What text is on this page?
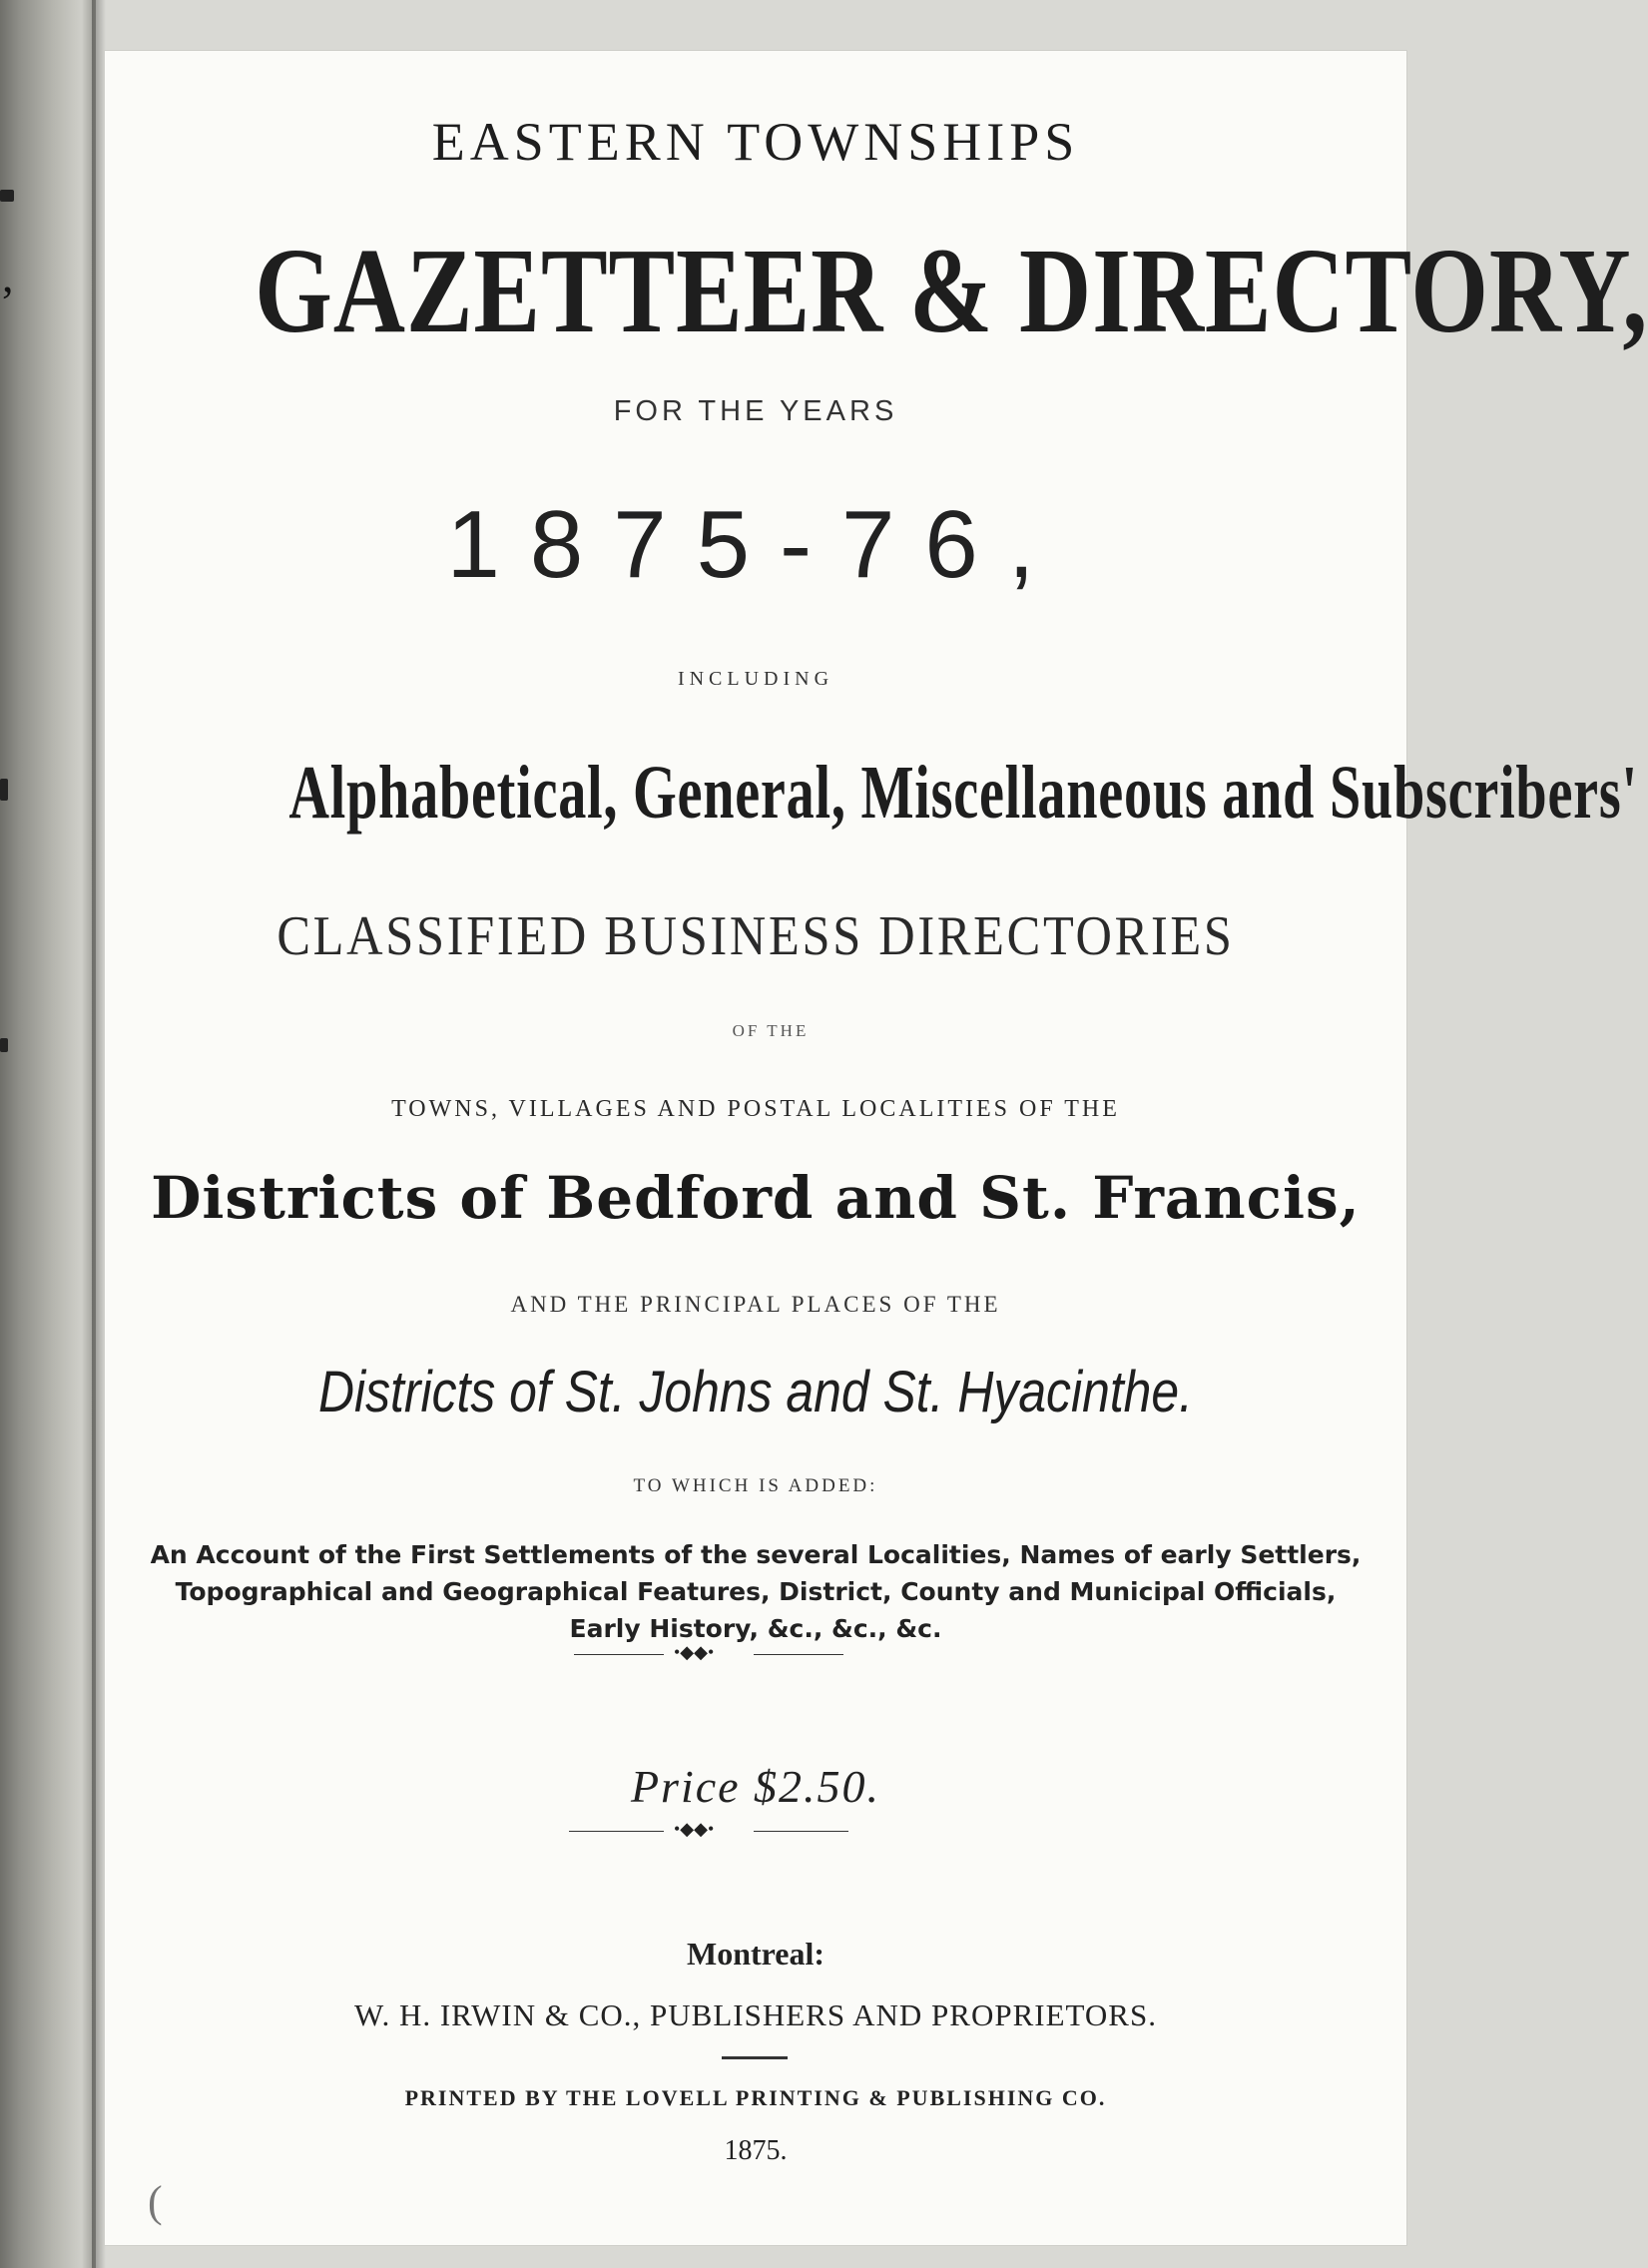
,
EASTERN TOWNSHIPS
GAZETTEER & DIRECTORY,
FOR THE YEARS
1875-76,
INCLUDING
Alphabetical, General, Miscellaneous and Subscribers'
CLASSIFIED BUSINESS DIRECTORIES
OF THE
TOWNS, VILLAGES AND POSTAL LOCALITIES OF THE
Districts of Bedford and St. Francis,
AND THE PRINCIPAL PLACES OF THE
Districts of St. Johns and St. Hyacinthe.
TO WHICH IS ADDED:
An Account of the First Settlements of the several Localities, Names of early Settlers, Topographical and Geographical Features, District, County and Municipal Officials, Early History, &c., &c., &c.
•◆◆•
Price $2.50.
•◆◆•
Montreal:
W. H. IRWIN & CO., PUBLISHERS AND PROPRIETORS.
PRINTED BY THE LOVELL PRINTING & PUBLISHING CO.
1875.
(
